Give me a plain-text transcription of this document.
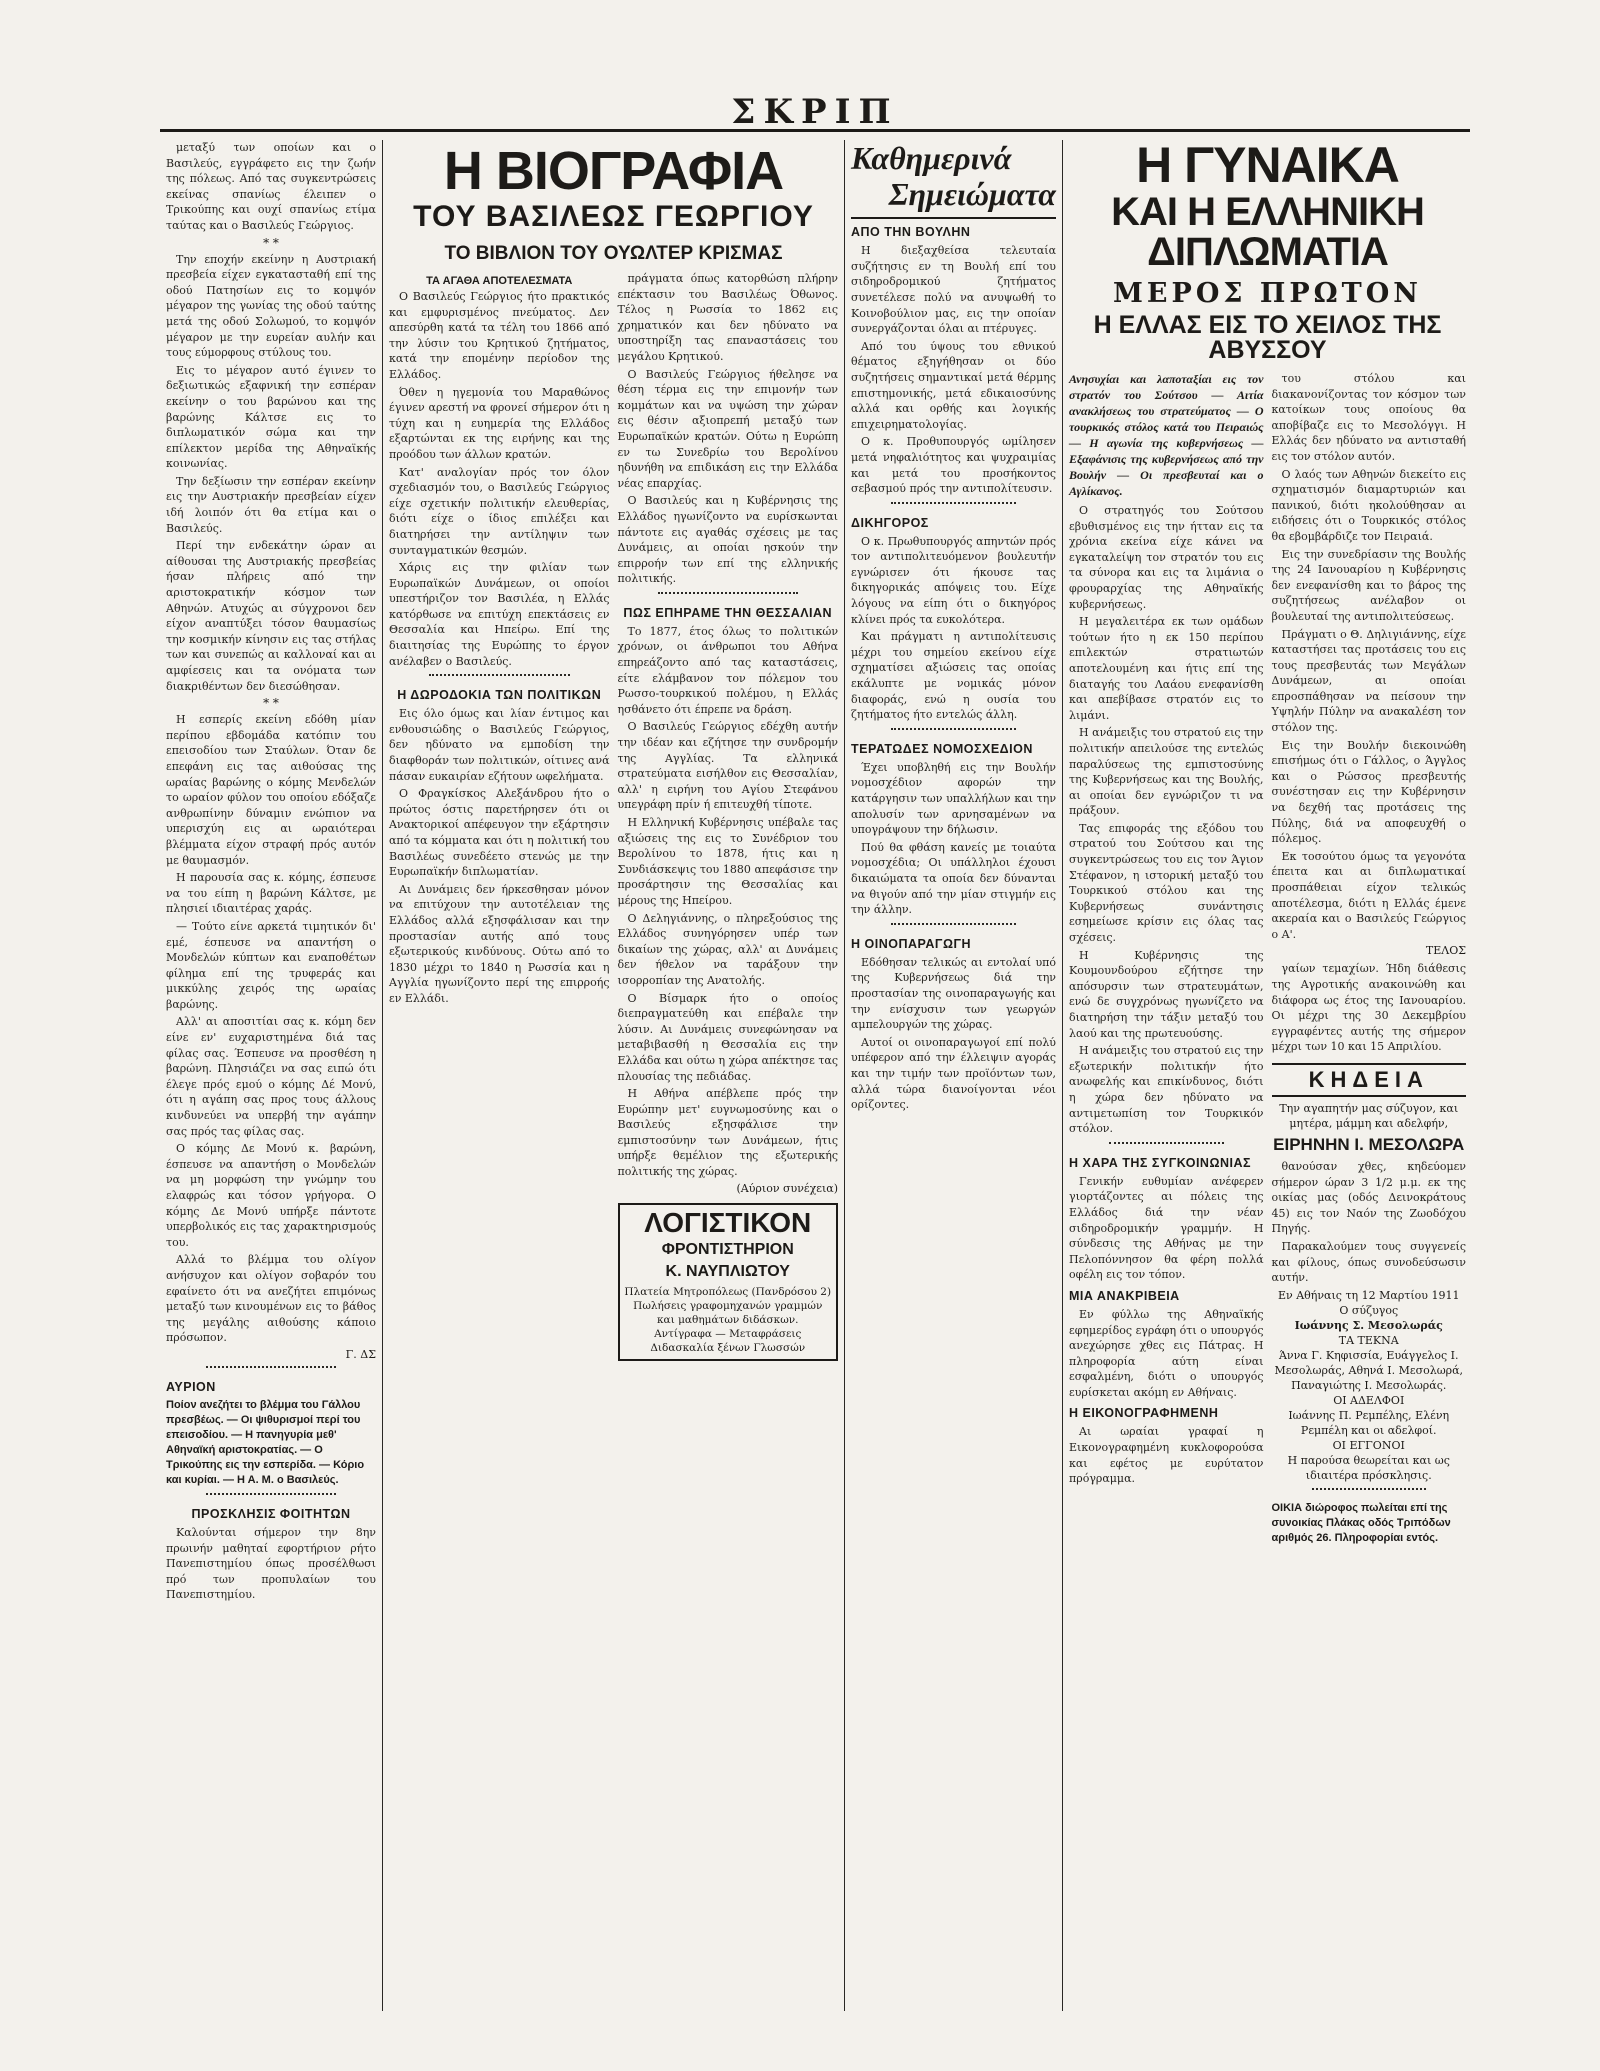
ΣΚΡΙΠ

μεταξύ των οποίων και ο Βασιλεύς, εγγράφετο εις την ζωήν της πόλεως. Από τας συγκεντρώσεις εκείνας σπανίως έλειπεν ο Τρικούπης και ουχί σπανίως ετίμα ταύτας και ο Βασιλεύς Γεώργιος.

* *

Την εποχήν εκείνην η Αυστριακή πρεσβεία είχεν εγκατασταθή επί της οδού Πατησίων εις το κομψόν μέγαρον της γωνίας της οδού ταύτης μετά της οδού Σολωμού, το κομψόν μέγαρον με την ευρείαν αυλήν και τους εύμορφους στύλους του.

Εις το μέγαρον αυτό έγινεν το δεξιωτικώς εξαφνική την εσπέραν εκείνην ο του βαρώνου και της βαρώνης Κάλτσε εις το διπλωματικόν σώμα και την επίλεκτον μερίδα της Αθηναϊκής κοινωνίας.

Την δεξίωσιν την εσπέραν εκείνην εις την Αυστριακήν πρεσβείαν είχεν ιδή λοιπόν ότι θα ετίμα και ο Βασιλεύς.

Περί την ενδεκάτην ώραν αι αίθουσαι της Αυστριακής πρεσβείας ήσαν πλήρεις από την αριστοκρατικήν κόσμον των Αθηνών. Ατυχώς αι σύγχρονοι δεν είχον αναπτύξει τόσον θαυμασίως την κοσμικήν κίνησιν εις τας στήλας των και συνεπώς αι καλλοναί και αι αμφίεσεις και τα ονόματα των διακριθέντων δεν διεσώθησαν.

* *

Η εσπερίς εκείνη εδόθη μίαν περίπου εβδομάδα κατόπιν του επεισοδίου των Σταύλων. Όταν δε επεφάνη εις τας αιθούσας της ωραίας βαρώνης ο κόμης Μενδελών το ωραίον φύλον του οποίου εδόξαζε ανθρωπίνην δύναμιν ενώπιον να υπερισχύη εις αι ωραιότεραι βλέμματα είχον στραφή πρός αυτόν με θαυμασμόν.

Η παρουσία σας κ. κόμης, έσπευσε να του είπη η βαρώνη Κάλτσε, με πλησιεί ιδιαιτέρας χαράς.

— Τούτο είνε αρκετά τιμητικόν δι' εμέ, έσπευσε να απαντήση ο Μονδελών κύπτων και εναποθέτων φίλημα επί της τρυφεράς και μικκύλης χειρός της ωραίας βαρώνης.

Αλλ' αι αποσιτίαι σας κ. κόμη δεν είνε εν' ευχαριστημένα διά τας φίλας σας. Έσπευσε να προσθέση η βαρώνη. Πλησιάζει να σας ειπώ ότι έλεγε πρός εμού ο κόμης Δέ Μονύ, ότι η αγάπη σας προς τους άλλους κινδυνεύει να υπερβή την αγάπην σας πρός τας φίλας σας.

Ο κόμης Δε Μονύ κ. βαρώνη, έσπευσε να απαντήση ο Μονδελών να μη μορφώση την γνώμην του ελαφρώς και τόσον γρήγορα. Ο κόμης Δε Μονύ υπήρξε πάντοτε υπερβολικός εις τας χαρακτηρισμούς του.

Αλλά το βλέμμα του ολίγον ανήσυχον και ολίγον σοβαρόν του εφαίνετο ότι να ανεζήτει επιμόνως μεταξύ των κινουμένων εις το βάθος της μεγάλης αιθούσης κάποιο πρόσωπον.

Γ. ΔΣ
ΑΥΡΙΟΝ

Ποίον ανεζήτει το βλέμμα του Γάλλου πρεσβέως. — Οι ψιθυρισμοί περί του επεισοδίου. — Η πανηγυρία μεθ' Αθηναϊκή αριστοκρατίας. — Ο Τρικούπης εις την εσπερίδα. — Κόριο και κυρίαι. — Η Α. Μ. ο Βασιλεύς.

ΠΡΟΣΚΛΗΣΙΣ ΦΟΙΤΗΤΩΝ

Καλούνται σήμερον την 8ην πρωινήν μαθηταί εφορτήριον ρήτο Πανεπιστημίου όπως προσέλθωσι πρό των προπυλαίων του Πανεπιστημίου.

Η ΒΙΟΓΡΑΦΙΑ
ΤΟΥ ΒΑΣΙΛΕΩΣ ΓΕΩΡΓΙΟΥ
ΤΟ ΒΙΒΛΙΟΝ ΤΟΥ ΟΥΩΛΤΕΡ ΚΡΙΣΜΑΣ
ΤΑ ΑΓΑΘΑ ΑΠΟΤΕΛΕΣΜΑΤΑ

Ο Βασιλεύς Γεώργιος ήτο πρακτικός και εμφυρισμένος πνεύματος. Δεν απεσύρθη κατά τα τέλη του 1866 από την λύσιν του Κρητικού ζητήματος, κατά την επομένην περίοδον της Ελλάδος.

Όθεν η ηγεμονία του Μαραθώνος έγινεν αρεστή να φρονεί σήμερον ότι η τύχη και η ευημερία της Ελλάδος εξαρτώνται εκ της ειρήνης και της προόδου των άλλων κρατών.

Κατ' αναλογίαν πρός τον όλον σχεδιασμόν του, ο Βασιλεύς Γεώργιος είχε σχετικήν πολιτικήν ελευθερίας, διότι είχε ο ίδιος επιλέξει και διατηρήσει την αντίληψιν των συνταγματικών θεσμών.

Χάρις εις την φιλίαν των Ευρωπαϊκών Δυνάμεων, οι οποίοι υπεστήριζον τον Βασιλέα, η Ελλάς κατόρθωσε να επιτύχη επεκτάσεις εν Θεσσαλία και Ηπείρω. Επί της διαιτησίας της Ευρώπης το έργον ανέλαβεν ο Βασιλεύς.

Η ΔΩΡΟΔΟΚΙΑ ΤΩΝ ΠΟΛΙΤΙΚΩΝ

Εις όλο όμως και λίαν έντιμος και ενθουσιώδης ο Βασιλεύς Γεώργιος, δεν ηδύνατο να εμποδίση την διαφθοράν των πολιτικών, οίτινες ανά πάσαν ευκαιρίαν εζήτουν ωφελήματα.

Ο Φραγκίσκος Αλεξάνδρου ήτο ο πρώτος όστις παρετήρησεν ότι οι Ανακτορικοί απέφευγον την εξάρτησιν από τα κόμματα και ότι η πολιτική του Βασιλέως συνεδέετο στενώς με την Ευρωπαϊκήν διπλωματίαν.

Αι Δυνάμεις δεν ήρκεσθησαν μόνον να επιτύχουν την αυτοτέλειαν της Ελλάδος αλλά εξησφάλισαν και την προστασίαν αυτής από τους εξωτερικούς κινδύνους. Ούτω από το 1830 μέχρι το 1840 η Ρωσσία και η Αγγλία ηγωνίζοντο περί της επιρροής εν Ελλάδι.

πράγματα όπως κατορθώση πλήρην επέκτασιν του Βασιλέως Όθωνος. Τέλος η Ρωσσία το 1862 εις χρηματικόν και δεν ηδύνατο να υποστηρίξη τας επαναστάσεις του μεγάλου Κρητικού.

Ο Βασιλεύς Γεώργιος ήθελησε να θέση τέρμα εις την επιμονήν των κομμάτων και να υψώση την χώραν εις θέσιν αξιοπρεπή μεταξύ των Ευρωπαϊκών κρατών. Ούτω η Ευρώπη εν τω Συνεδρίω του Βερολίνου ηδυνήθη να επιδικάση εις την Ελλάδα νέας επαρχίας.

Ο Βασιλεύς και η Κυβέρνησις της Ελλάδος ηγωνίζοντο να ευρίσκωνται πάντοτε εις αγαθάς σχέσεις με τας Δυνάμεις, αι οποίαι ησκούν την επιρροήν των επί της ελληνικής πολιτικής.

ΠΩΣ ΕΠΗΡΑΜΕ ΤΗΝ ΘΕΣΣΑΛΙΑΝ

Το 1877, έτος όλως το πολιτικών χρόνων, οι άνθρωποι του Αθήνα επηρεάζοντο από τας καταστάσεις, είτε ελάμβανον τον πόλεμον του Ρωσσο-τουρκικού πολέμου, η Ελλάς ησθάνετο ότι έπρεπε να δράση.

Ο Βασιλεύς Γεώργιος εδέχθη αυτήν την ιδέαν και εζήτησε την συνδρομήν της Αγγλίας. Τα ελληνικά στρατεύματα εισήλθον εις Θεσσαλίαν, αλλ' η ειρήνη του Αγίου Στεφάνου υπεγράφη πρίν ή επιτευχθή τίποτε.

Η Ελληνική Κυβέρνησις υπέβαλε τας αξιώσεις της εις το Συνέδριον του Βερολίνου το 1878, ήτις και η Συνδιάσκεψις του 1880 απεφάσισε την προσάρτησιν της Θεσσαλίας και μέρους της Ηπείρου.

Ο Δεληγιάννης, ο πληρεξούσιος της Ελλάδος συνηγόρησεν υπέρ των δικαίων της χώρας, αλλ' αι Δυνάμεις δεν ήθελον να ταράξουν την ισορροπίαν της Ανατολής.

Ο Βίσμαρκ ήτο ο οποίος διεπραγματεύθη και επέβαλε την λύσιν. Αι Δυνάμεις συνεφώνησαν να μεταβιβασθή η Θεσσαλία εις την Ελλάδα και ούτω η χώρα απέκτησε τας πλουσίας της πεδιάδας.

Η Αθήνα απέβλεπε πρός την Ευρώπην μετ' ευγνωμοσύνης και ο Βασιλεύς εξησφάλισε την εμπιστοσύνην των Δυνάμεων, ήτις υπήρξε θεμέλιον της εξωτερικής πολιτικής της χώρας.

(Αύριον συνέχεια)
ΛΟΓΙΣΤΙΚΟΝ
ΦΡΟΝΤΙΣΤΗΡΙΟΝ
Κ. ΝΑΥΠΛΙΩΤΟΥ
Πλατεία Μητροπόλεως (Πανδρόσου 2)
Πωλήσεις γραφομηχανών γραμμών και μαθημάτων διδάσκων.
Αντίγραφα — Μεταφράσεις Διδασκαλία ξένων Γλωσσών
Καθημερινά
Σημειώματα
ΑΠΟ ΤΗΝ ΒΟΥΛΗΝ

Η διεξαχθείσα τελευταία συζήτησις εν τη Βουλή επί του σιδηροδρομικού ζητήματος συνετέλεσε πολύ να ανυψωθή το Κοινοβούλιον μας, εις την οποίαν συνεργάζονται όλαι αι πτέρυγες.

Από του ύψους του εθνικού θέματος εξηγήθησαν οι δύο συζητήσεις σημαντικαί μετά θέρμης επιστημονικής, μετά εδικαιοσύνης αλλά και ορθής και λογικής επιχειρηματολογίας.

Ο κ. Προθυπουργός ωμίλησεν μετά νηφαλιότητος και ψυχραιμίας και μετά του προσήκοντος σεβασμού πρός την αντιπολίτευσιν.

ΔΙΚΗΓΟΡΟΣ

Ο κ. Πρωθυπουργός απηντών πρός τον αντιπολιτευόμενον βουλευτήν εγνώρισεν ότι ήκουσε τας δικηγορικάς απόψεις του. Είχε λόγους να είπη ότι ο δικηγόρος κλίνει πρός τα ευκολότερα.

Και πράγματι η αντιπολίτευσις μέχρι του σημείου εκείνου είχε σχηματίσει αξιώσεις τας οποίας εκάλυπτε με νομικάς μόνον διαφοράς, ενώ η ουσία του ζητήματος ήτο εντελώς άλλη.

ΤΕΡΑΤΩΔΕΣ ΝΟΜΟΣΧΕΔΙΟΝ

Έχει υποβληθή εις την Βουλήν νομοσχέδιον αφορών την κατάργησιν των υπαλλήλων και την απολυσίν των αρνησαμένων να υπογράψουν την δήλωσιν.

Πού θα φθάση κανείς με τοιαύτα νομοσχέδια; Οι υπάλληλοι έχουσι δικαιώματα τα οποία δεν δύνανται να θιγούν από την μίαν στιγμήν εις την άλλην.

Η ΟΙΝΟΠΑΡΑΓΩΓΗ

Εδόθησαν τελικώς αι εντολαί υπό της Κυβερνήσεως διά την προστασίαν της οινοπαραγωγής και την ενίσχυσιν των γεωργών αμπελουργών της χώρας.

Αυτοί οι οινοπαραγωγοί επί πολύ υπέφερον από την έλλειψιν αγοράς και την τιμήν των προϊόντων των, αλλά τώρα διανοίγονται νέοι ορίζοντες.

Η ΓΥΝΑΙΚΑ
ΚΑΙ Η ΕΛΛΗΝΙΚΗ ΔΙΠΛΩΜΑΤΙΑ
ΜΕΡΟΣ ΠΡΩΤΟΝ
Η ΕΛΛΑΣ ΕΙΣ ΤΟ ΧΕΙΛΟΣ ΤΗΣ ΑΒΥΣΣΟΥ

Ανησυχίαι και λαποταξίαι εις τον στρατόν του Σούτσου — Αιτία ανακλήσεως του στρατεύματος — Ο τουρκικός στόλος κατά του Πειραιώς — Η αγωνία της κυβερνήσεως — Εξαφάνισις της κυβερνήσεως από την Βουλήν — Οι πρεσβευταί και ο Αγλίκανος.

Ο στρατηγός του Σούτσου εβυθισμένος εις την ήτταν εις τα χρόνια εκείνα είχε κάνει να εγκαταλείψη τον στρατόν του εις τα σύνορα και εις τα λιμάνια ο φρουραρχίας της Αθηναϊκής κυβερνήσεως.

Η μεγαλειτέρα εκ των ομάδων τούτων ήτο η εκ 150 περίπου επιλεκτών στρατιωτών αποτελουμένη και ήτις επί της διαταγής του Λαάου ενεφανίσθη και απεβίβασε στρατόν εις το λιμάνι.

Η ανάμειξις του στρατού εις την πολιτικήν απειλούσε της εντελώς παραλύσεως της εμπιστοσύνης της Κυβερνήσεως και της Βουλής, αι οποίαι δεν εγνώριζον τι να πράξουν.

Τας επιφοράς της εξόδου του στρατού του Σούτσου και της συγκεντρώσεως του εις τον Άγιον Στέφανον, η ιστορική μεταξύ του Τουρκικού στόλου και της Κυβερνήσεως συνάντησις εσημείωσε κρίσιν εις όλας τας σχέσεις.

Η Κυβέρνησις της Κουμουνδούρου εζήτησε την απόσυρσιν των στρατευμάτων, ενώ δε συγχρόνως ηγωνίζετο να διατηρήση την τάξιν μεταξύ του λαού και της πρωτευούσης.

Η ανάμειξις του στρατού εις την εξωτερικήν πολιτικήν ήτο ανωφελής και επικίνδυνος, διότι η χώρα δεν ηδύνατο να αντιμετωπίση τον Τουρκικόν στόλον.

Η ΧΑΡΑ ΤΗΣ ΣΥΓΚΟΙΝΩΝΙΑΣ

Γενικήν ευθυμίαν ανέφερεν γιορτάζοντες αι πόλεις της Ελλάδος διά την νέαν σιδηροδρομικήν γραμμήν. Η σύνδεσις της Αθήνας με την Πελοπόννησον θα φέρη πολλά οφέλη εις τον τόπον.

ΜΙΑ ΑΝΑΚΡΙΒΕΙΑ

Εν φύλλω της Αθηναϊκής εφημερίδος εγράφη ότι ο υπουργός ανεχώρησε χθες εις Πάτρας. Η πληροφορία αύτη είναι εσφαλμένη, διότι ο υπουργός ευρίσκεται ακόμη εν Αθήναις.

Η ΕΙΚΟΝΟΓΡΑΦΗΜΕΝΗ

Αι ωραίαι γραφαί η Εικονογραφημένη κυκλοφορούσα και εφέτος με ευρύτατον πρόγραμμα.

του στόλου και διακανονίζοντας τον κόσμον των κατοίκων τους οποίους θα αποβίβαζε εις το Μεσολόγγι. Η Ελλάς δεν ηδύνατο να αντισταθή εις τον στόλον αυτόν.

Ο λαός των Αθηνών διεκείτο εις σχηματισμόν διαμαρτυριών και πανικού, διότι ηκολούθησαν αι ειδήσεις ότι ο Τουρκικός στόλος θα εβομβάρδιζε τον Πειραιά.

Εις την συνεδρίασιν της Βουλής της 24 Ιανουαρίου η Κυβέρνησις δεν ενεφανίσθη και το βάρος της συζητήσεως ανέλαβον οι βουλευταί της αντιπολιτεύσεως.

Πράγματι ο Θ. Δηλιγιάννης, είχε καταστήσει τας προτάσεις του εις τους πρεσβευτάς των Μεγάλων Δυνάμεων, αι οποίαι επροσπάθησαν να πείσουν την Υψηλήν Πύλην να ανακαλέση τον στόλον της.

Εις την Βουλήν διεκοινώθη επισήμως ότι ο Γάλλος, ο Άγγλος και ο Ρώσσος πρεσβευτής συνέστησαν εις την Κυβέρνησιν να δεχθή τας προτάσεις της Πύλης, διά να αποφευχθή ο πόλεμος.

Εκ τοσούτου όμως τα γεγονότα έπειτα και αι διπλωματικαί προσπάθειαι είχον τελικώς αποτέλεσμα, διότι η Ελλάς έμενε ακεραία και ο Βασιλεύς Γεώργιος ο Α'.

ΤΕΛΟΣ

γαίων τεμαχίων. Ήδη διάθεσις της Αγροτικής ανακοινώθη και διάφορα ως έτος της Ιανουαρίου. Οι μέχρι της 30 Δεκεμβρίου εγγραφέντες αυτής της σήμερον μέχρι των 10 και 15 Απριλίου.

ΚΗΔΕΙΑ
Την αγαπητήν μας σύζυγον, και μητέρα, μάμμη και αδελφήν,
ΕΙΡΗΝΗΝ Ι. ΜΕΣΟΛΩΡΑ

θανούσαν χθες, κηδεύομεν σήμερον ώραν 3 1/2 μ.μ. εκ της οικίας μας (οδός Δεινοκράτους 45) εις τον Ναόν της Ζωοδόχου Πηγής.

Παρακαλούμεν τους συγγενείς και φίλους, όπως συνοδεύσωσιν αυτήν.

Εν Αθήναις τη 12 Μαρτίου 1911
Ο σύζυγος
Ιωάννης Σ. Μεσολωράς
ΤΑ ΤΕΚΝΑ
Άννα Γ. Κηφισσία, Ευάγγελος Ι. Μεσολωράς, Αθηνά Ι. Μεσολωρά, Παναγιώτης Ι. Μεσολωράς.
ΟΙ ΑΔΕΛΦΟΙ
Ιωάννης Π. Ρεμπέλης, Ελένη Ρεμπέλη και οι αδελφοί.
ΟΙ ΕΓΓΟΝΟΙ
Η παρούσα θεωρείται και ως ιδιαιτέρα πρόσκλησις.

ΟΙΚΙΑ διώροφος πωλείται επί της συνοικίας Πλάκας οδός Τριπόδων αριθμός 26. Πληροφορίαι εντός.
